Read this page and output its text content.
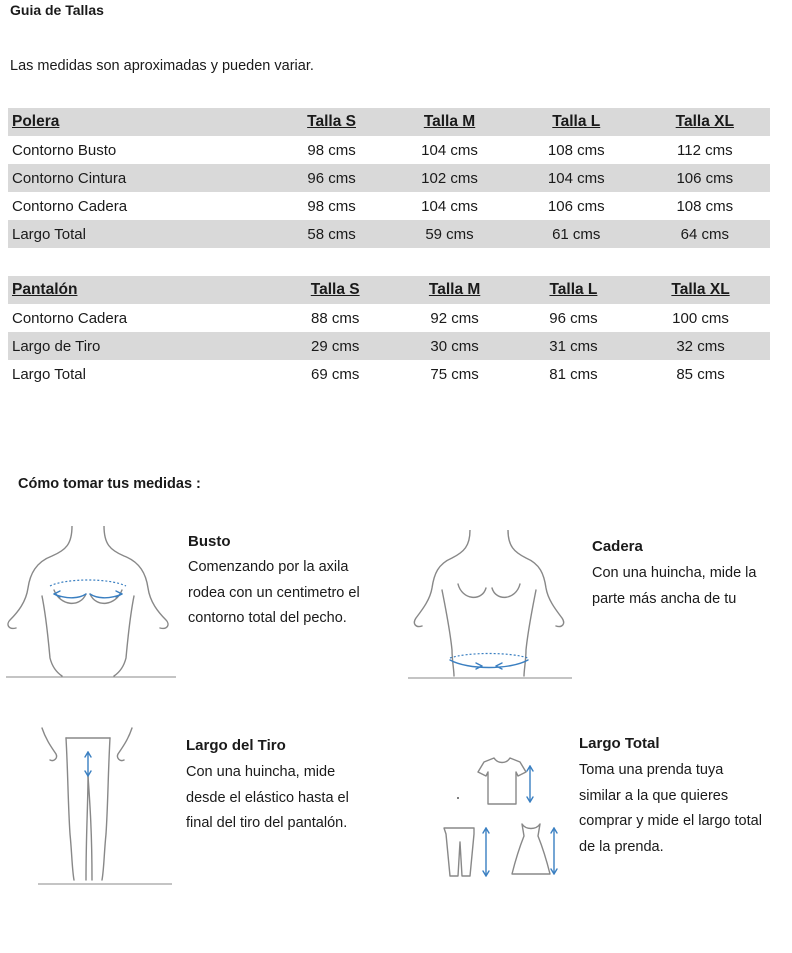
Guia de Tallas
Las medidas son aproximadas y pueden variar.
Polera	Talla S	Talla M	Talla L	Talla XL
Contorno Busto	98 cms	104 cms	108 cms	112 cms
Contorno Cintura	96 cms	102 cms	104 cms	106 cms
Contorno Cadera	98 cms	104 cms	106 cms	108 cms
Largo Total	58 cms	59 cms	61 cms	64 cms
Pantalón	Talla S	Talla M	Talla L	Talla XL
Contorno Cadera	88 cms	92 cms	96 cms	100 cms
Largo de Tiro	29 cms	30 cms	31 cms	32 cms
Largo Total	69 cms	75 cms	81 cms	85 cms
Cómo tomar tus medidas :
Busto
Comenzando por la axila
rodea con un centimetro el
contorno total del pecho.
Cadera
Con una huincha, mide la
parte más ancha de tu
Largo del Tiro
Con una huincha, mide
desde el elástico hasta el
final del tiro del pantalón.
Largo Total
Toma una prenda tuya
similar a la que quieres
comprar y mide el largo total
de la prenda.
